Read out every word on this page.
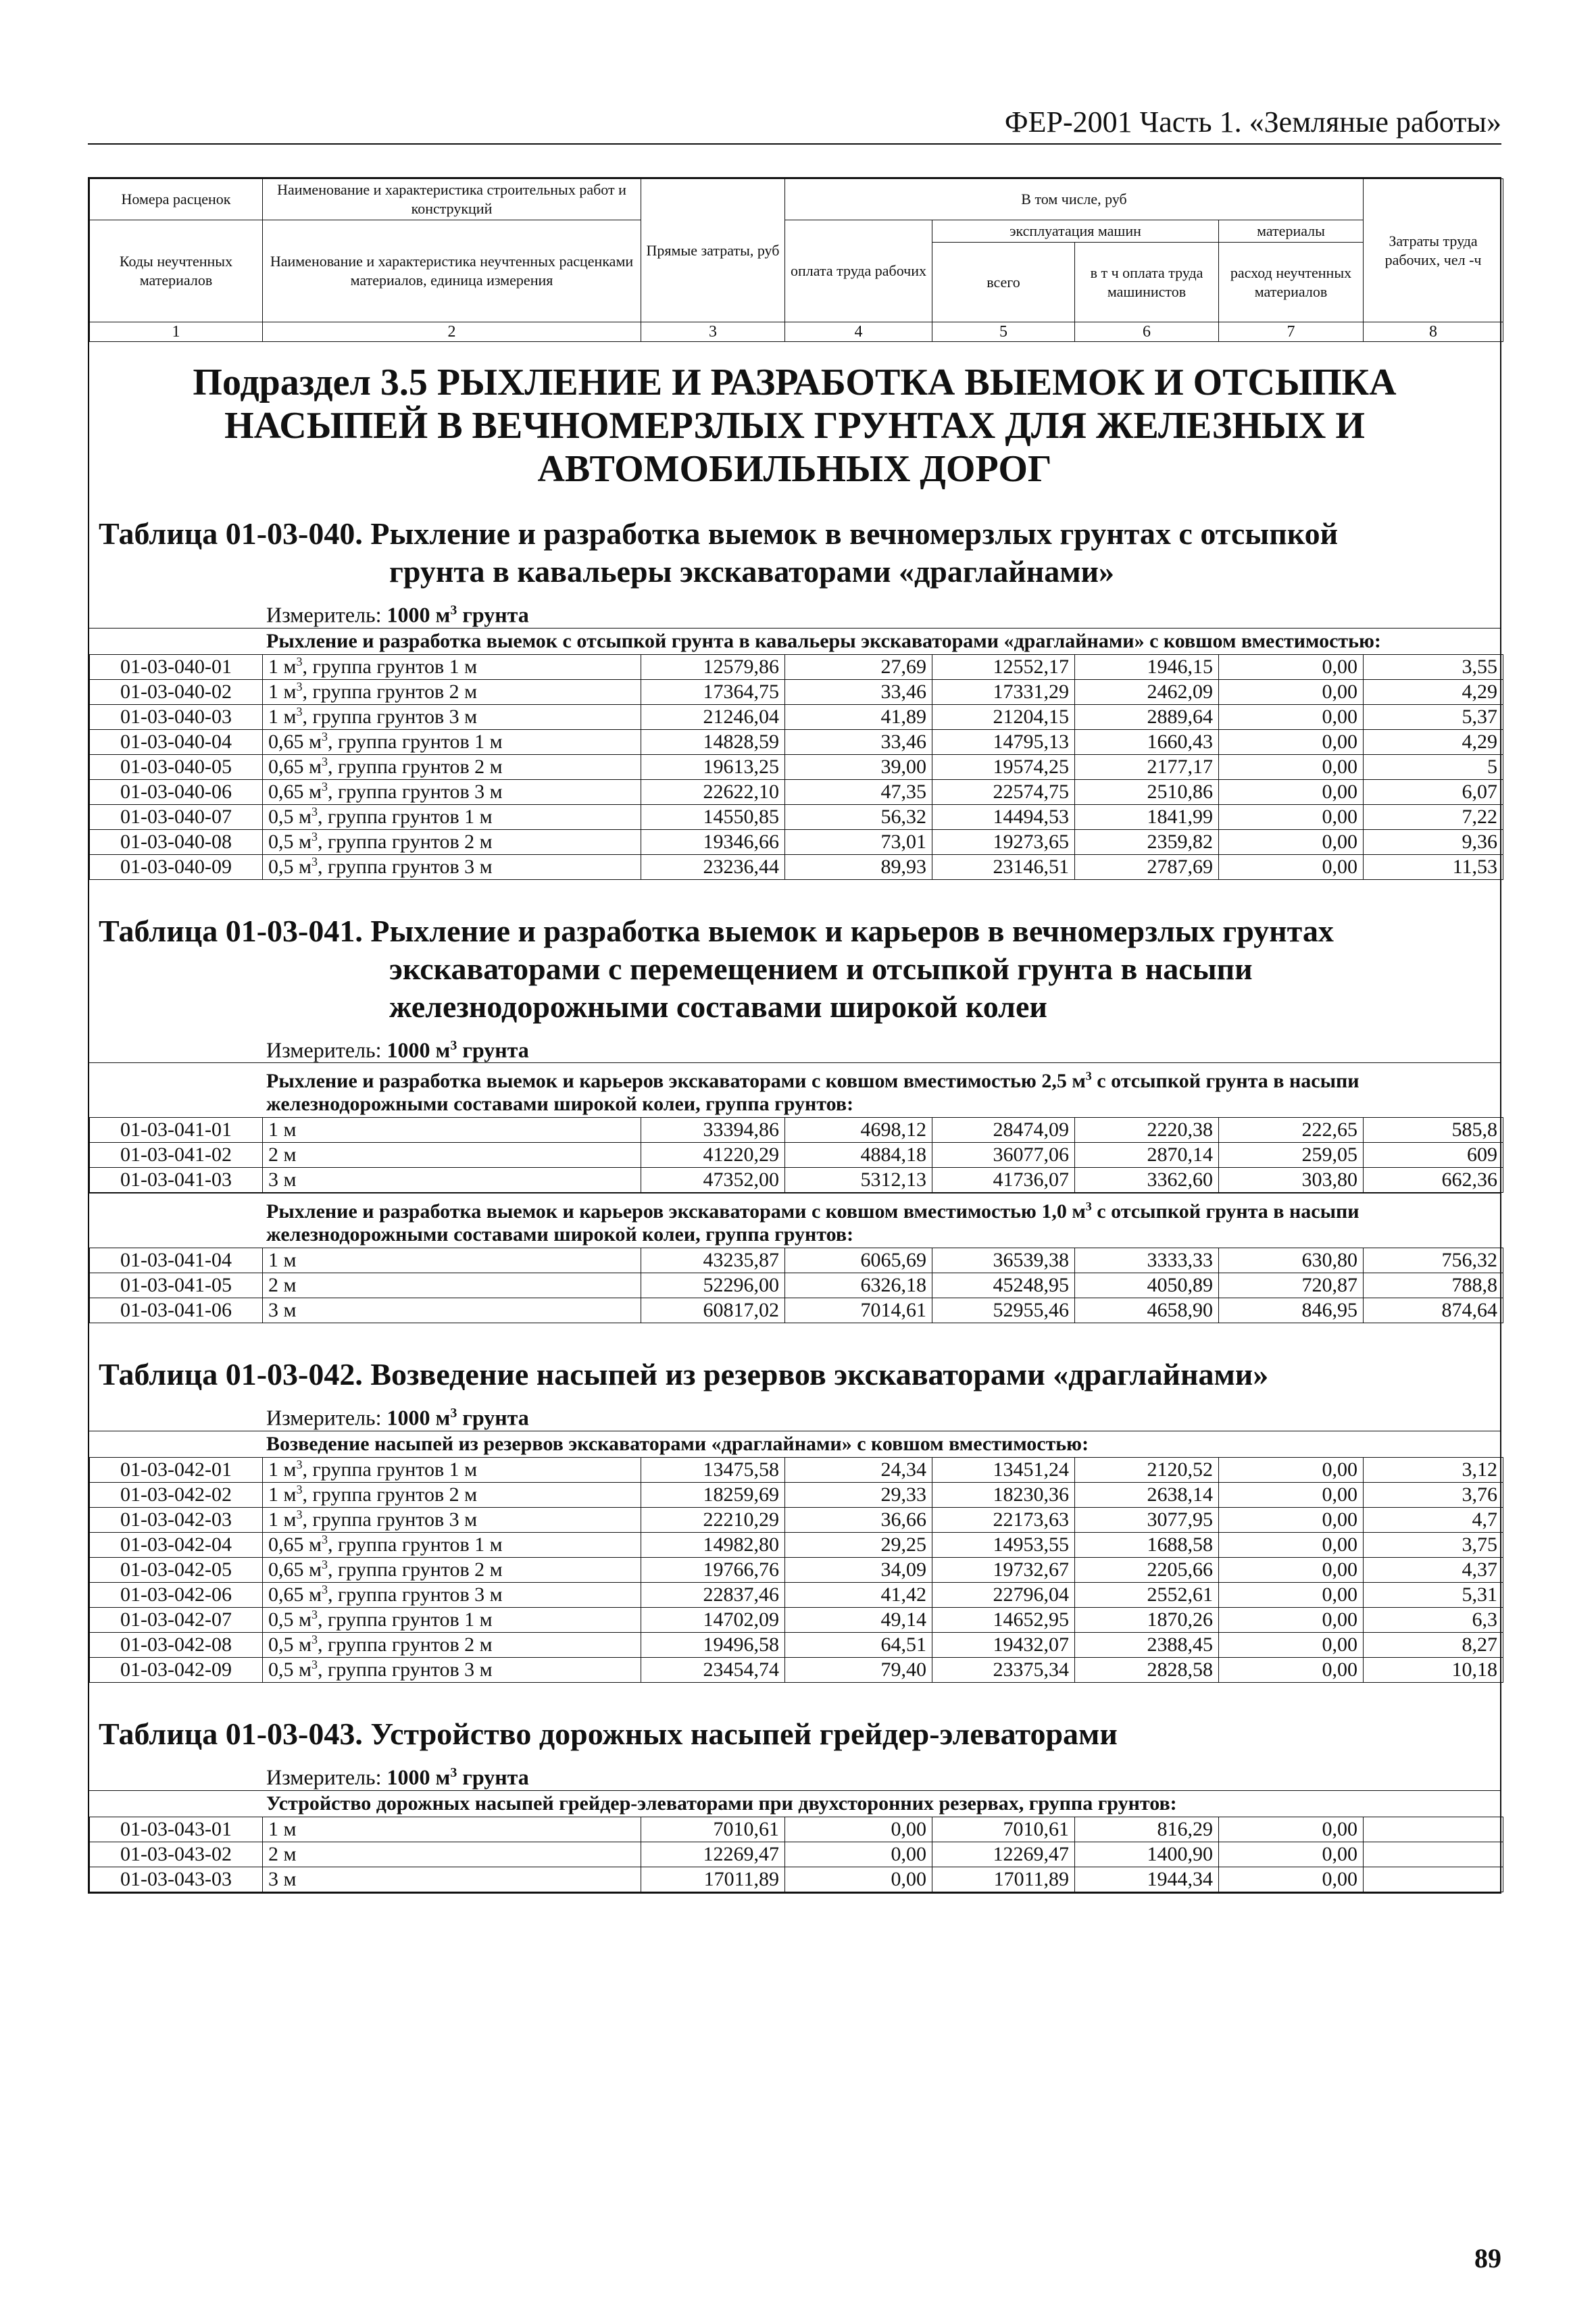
ФЕР-2001 Часть 1. «Земляные работы»
Номера расценок	Наименование и характеристика строительных работ и конструкций	Прямые затраты, руб	В том числе, руб				Затраты труда рабочих, чел -ч
Коды неучтенных материалов	Наименование и характеристика неучтенных расценками материалов, единица измерения		оплата труда рабочих	эксплуатация машин		материалы	
				всего	в т ч оплата труда машинистов	расход неучтенных материалов	
1	2	3	4	5	6	7	8
Подраздел 3.5 РЫХЛЕНИЕ И РАЗРАБОТКА ВЫЕМОК И ОТСЫПКА НАСЫПЕЙ В ВЕЧНОМЕРЗЛЫХ ГРУНТАХ ДЛЯ ЖЕЛЕЗНЫХ И АВТОМОБИЛЬНЫХ ДОРОГ
Таблица 01-03-040. Рыхление и разработка выемок в вечномерзлых грунтах с отсыпкой
грунта в кавальеры экскаваторами «драглайнами»
Измеритель: 1000 $м^3$ грунта
Рыхление и разработка выемок с отсыпкой грунта в кавальеры экскаваторами «драглайнами» с ковшом вместимостью:
01-03-040-01	1 $м^3$, группа грунтов 1 м	12579,86	27,69	12552,17	1946,15	0,00	3,55
01-03-040-02	1 $м^3$, группа грунтов 2 м	17364,75	33,46	17331,29	2462,09	0,00	4,29
01-03-040-03	1 $м^3$, группа грунтов 3 м	21246,04	41,89	21204,15	2889,64	0,00	5,37
01-03-040-04	0,65 $м^3$, группа грунтов 1 м	14828,59	33,46	14795,13	1660,43	0,00	4,29
01-03-040-05	0,65 $м^3$, группа грунтов 2 м	19613,25	39,00	19574,25	2177,17	0,00	5
01-03-040-06	0,65 $м^3$, группа грунтов 3 м	22622,10	47,35	22574,75	2510,86	0,00	6,07
01-03-040-07	0,5 $м^3$, группа грунтов 1 м	14550,85	56,32	14494,53	1841,99	0,00	7,22
01-03-040-08	0,5 $м^3$, группа грунтов 2 м	19346,66	73,01	19273,65	2359,82	0,00	9,36
01-03-040-09	0,5 $м^3$, группа грунтов 3 м	23236,44	89,93	23146,51	2787,69	0,00	11,53
Таблица 01-03-041. Рыхление и разработка выемок и карьеров в вечномерзлых грунтах
экскаваторами с перемещением и отсыпкой грунта в насыпи железнодорожными составами широкой колеи
Измеритель: 1000 $м^3$ грунта
Рыхление и разработка выемок и карьеров экскаваторами с ковшом вместимостью 2,5 $м^3$ с отсыпкой грунта в насыпи железнодорожными составами широкой колеи, группа грунтов:
01-03-041-01	1 м	33394,86	4698,12	28474,09	2220,38	222,65	585,8
01-03-041-02	2 м	41220,29	4884,18	36077,06	2870,14	259,05	609
01-03-041-03	3 м	47352,00	5312,13	41736,07	3362,60	303,80	662,36
Рыхление и разработка выемок и карьеров экскаваторами с ковшом вместимостью 1,0 $м^3$ с отсыпкой грунта в насыпи железнодорожными составами широкой колеи, группа грунтов:
01-03-041-04	1 м	43235,87	6065,69	36539,38	3333,33	630,80	756,32
01-03-041-05	2 м	52296,00	6326,18	45248,95	4050,89	720,87	788,8
01-03-041-06	3 м	60817,02	7014,61	52955,46	4658,90	846,95	874,64
Таблица 01-03-042. Возведение насыпей из резервов экскаваторами «драглайнами»
Измеритель: 1000 $м^3$ грунта
Возведение насыпей из резервов экскаваторами «драглайнами» с ковшом вместимостью:
01-03-042-01	1 $м^3$, группа грунтов 1 м	13475,58	24,34	13451,24	2120,52	0,00	3,12
01-03-042-02	1 $м^3$, группа грунтов 2 м	18259,69	29,33	18230,36	2638,14	0,00	3,76
01-03-042-03	1 $м^3$, группа грунтов 3 м	22210,29	36,66	22173,63	3077,95	0,00	4,7
01-03-042-04	0,65 $м^3$, группа грунтов 1 м	14982,80	29,25	14953,55	1688,58	0,00	3,75
01-03-042-05	0,65 $м^3$, группа грунтов 2 м	19766,76	34,09	19732,67	2205,66	0,00	4,37
01-03-042-06	0,65 $м^3$, группа грунтов 3 м	22837,46	41,42	22796,04	2552,61	0,00	5,31
01-03-042-07	0,5 $м^3$, группа грунтов 1 м	14702,09	49,14	14652,95	1870,26	0,00	6,3
01-03-042-08	0,5 $м^3$, группа грунтов 2 м	19496,58	64,51	19432,07	2388,45	0,00	8,27
01-03-042-09	0,5 $м^3$, группа грунтов 3 м	23454,74	79,40	23375,34	2828,58	0,00	10,18
Таблица 01-03-043. Устройство дорожных насыпей грейдер-элеваторами
Измеритель: 1000 $м^3$ грунта
Устройство дорожных насыпей грейдер-элеваторами при двухсторонних резервах, группа грунтов:
01-03-043-01	1 м	7010,61	0,00	7010,61	816,29	0,00	
01-03-043-02	2 м	12269,47	0,00	12269,47	1400,90	0,00	
01-03-043-03	3 м	17011,89	0,00	17011,89	1944,34	0,00	
89
